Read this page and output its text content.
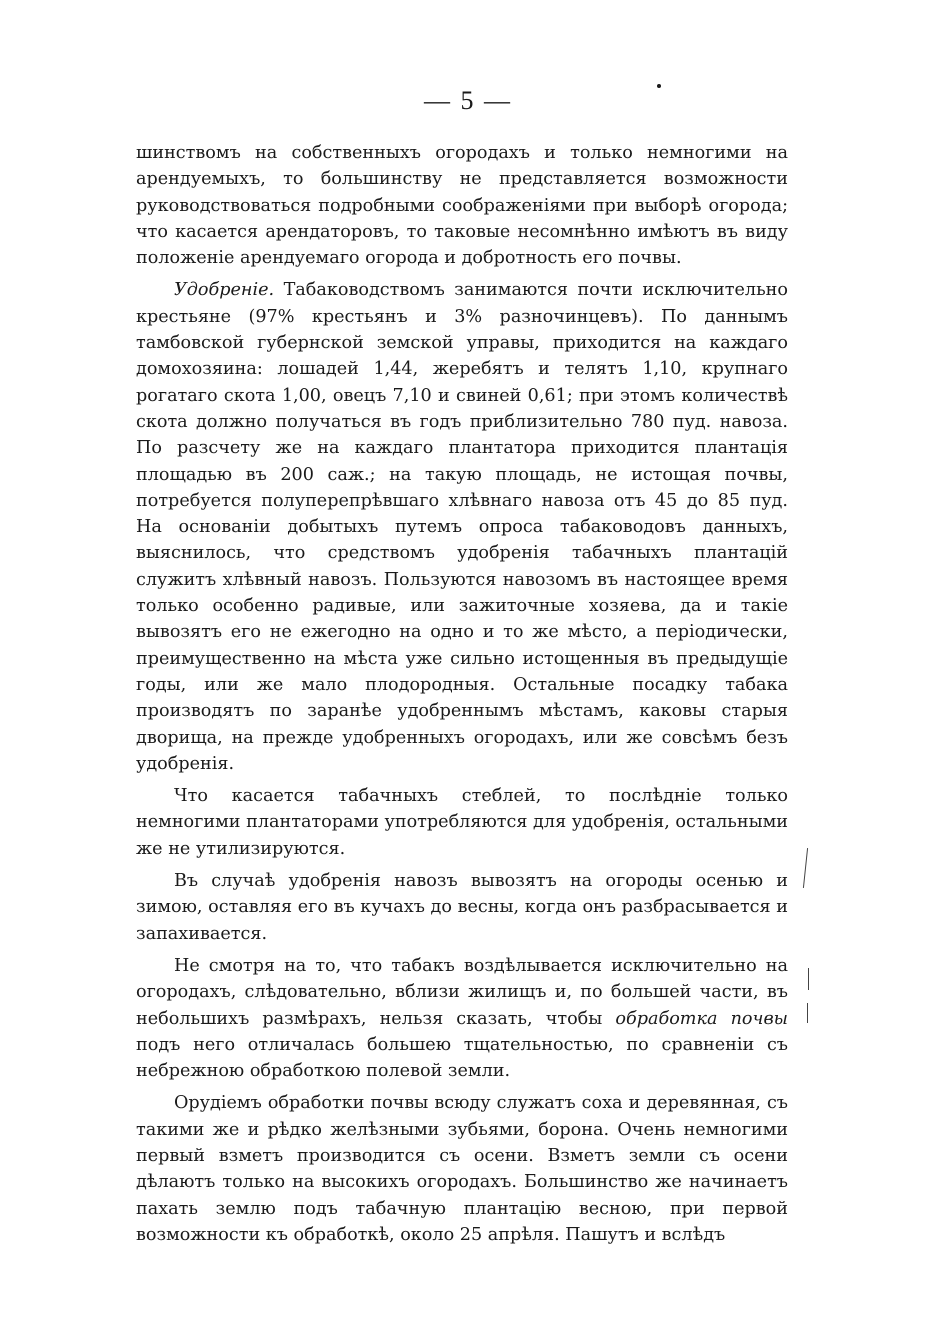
— 5 —

шинствомъ на собственныхъ огородахъ и только немногими на арендуемыхъ, то большинству не представляется возможности руководствоваться подробными соображеніями при выборѣ огорода; что касается арендаторовъ, то таковые несомнѣнно имѣютъ въ виду положеніе арендуемаго огорода и добротность его почвы.

Удобреніе. Табаководствомъ занимаются почти исключительно крестьяне (97% крестьянъ и 3% разночинцевъ). По даннымъ тамбовской губернской земской управы, приходится на каждаго домохозяина: лошадей 1,44, жеребятъ и телятъ 1,10, крупнаго рогатаго скота 1,00, овецъ 7,10 и свиней 0,61; при этомъ количествѣ скота должно получаться въ годъ приблизительно 780 пуд. навоза. По разсчету же на каждаго плантатора приходится плантація площадью въ 200 саж.; на такую площадь, не истощая почвы, потребуется полуперепрѣвшаго хлѣвнаго навоза отъ 45 до 85 пуд. На основаніи добытыхъ путемъ опроса табаководовъ данныхъ, выяснилось, что средствомъ удобренія табачныхъ плантацій служитъ хлѣвный навозъ. Пользуются навозомъ въ настоящее время только особенно радивые, или зажиточные хозяева, да и такіе вывозятъ его не ежегодно на одно и то же мѣсто, а періодически, преимущественно на мѣста уже сильно истощенныя въ предыдущіе годы, или же мало плодородныя. Остальные посадку табака производятъ по заранѣе удобреннымъ мѣстамъ, каковы старыя дворища, на прежде удобренныхъ огородахъ, или же совсѣмъ безъ удобренія.

Что касается табачныхъ стеблей, то послѣдніе только немногими плантаторами употребляются для удобренія, остальными же не утилизируются.

Въ случаѣ удобренія навозъ вывозятъ на огороды осенью и зимою, оставляя его въ кучахъ до весны, когда онъ разбрасывается и запахивается.

Не смотря на то, что табакъ воздѣлывается исключительно на огородахъ, слѣдовательно, вблизи жилищъ и, по большей части, въ небольшихъ размѣрахъ, нельзя сказать, чтобы обработка почвы подъ него отличалась большею тщательностью, по сравненіи съ небрежною обработкою полевой земли.

Орудіемъ обработки почвы всюду служатъ соха и деревянная, съ такими же и рѣдко желѣзными зубьями, борона. Очень немногими первый взметъ производится съ осени. Взметъ земли съ осени дѣлаютъ только на высокихъ огородахъ. Большинство же начинаетъ пахать землю подъ табачную плантацію весною, при первой возможности къ обработкѣ, около 25 апрѣля. Пашутъ и вслѣдъ
